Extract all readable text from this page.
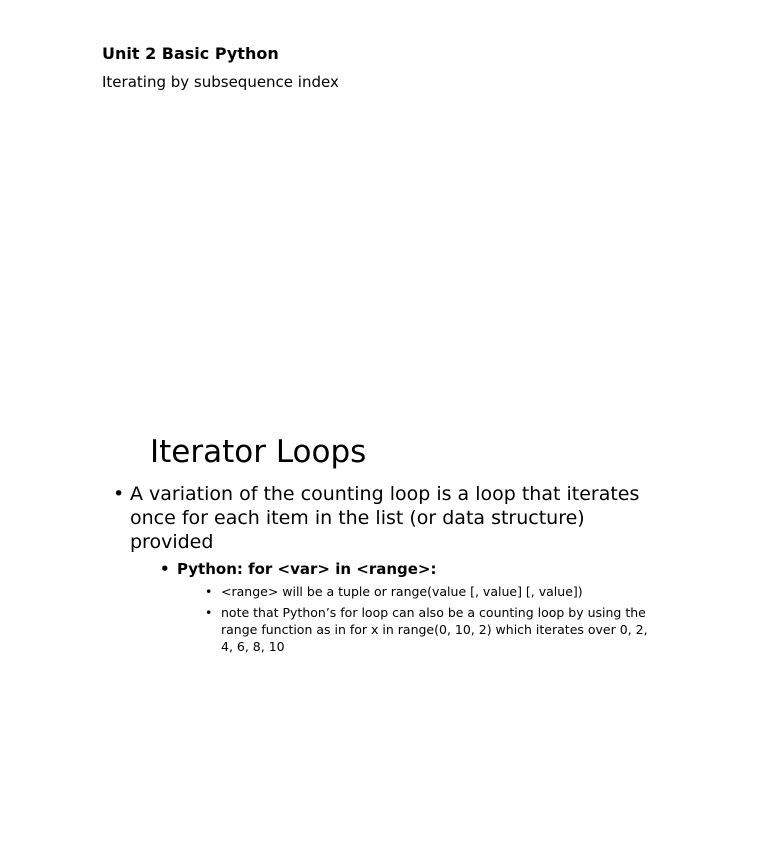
Unit 2 Basic Python
Iterating by subsequence index
Iterator Loops
• A variation of the counting loop is a loop that iterates once for each item in the list (or data structure) provided
• Python: for <var> in <range>:
• <range> will be a tuple or range(value [, value] [, value])
• note that Python’s for loop can also be a counting loop by using the range function as in for x in range(0, 10, 2) which iterates over 0, 2, 4, 6, 8, 10
